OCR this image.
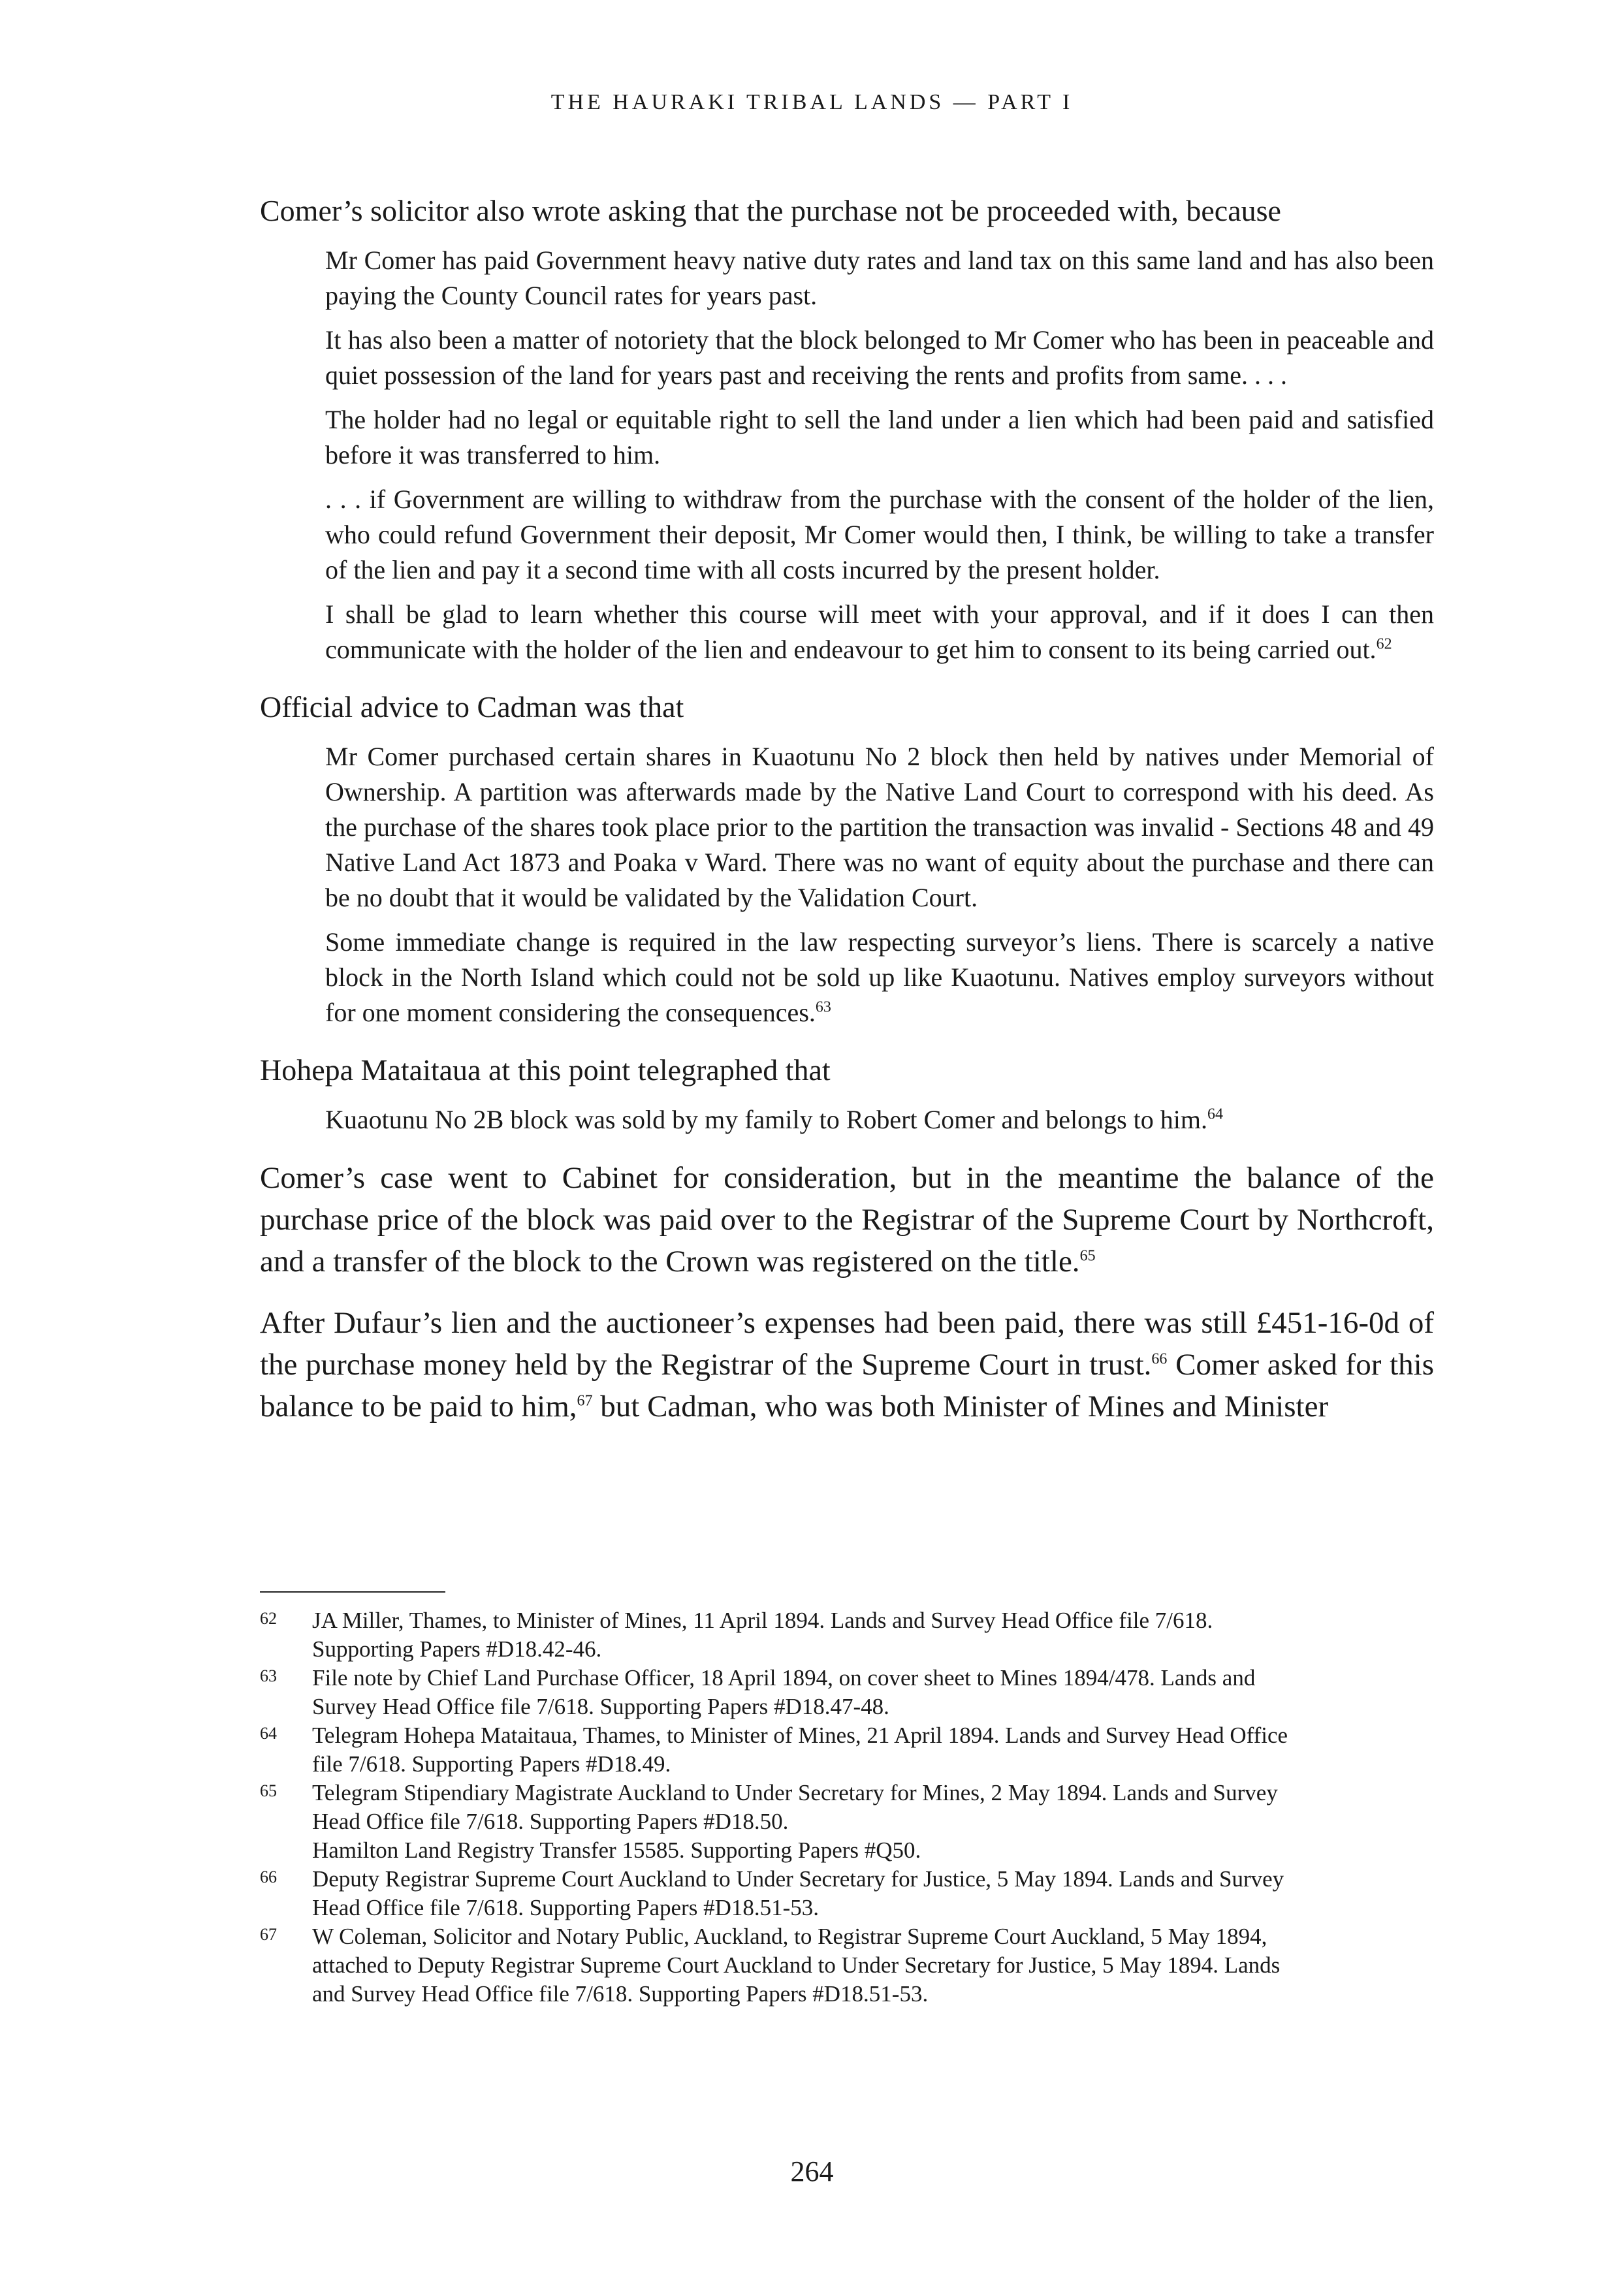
THE HAURAKI TRIBAL LANDS — PART I

Comer’s solicitor also wrote asking that the purchase not be proceeded with, because

Mr Comer has paid Government heavy native duty rates and land tax on this same land and has also been paying the County Council rates for years past.

It has also been a matter of notoriety that the block belonged to Mr Comer who has been in peaceable and quiet possession of the land for years past and receiving the rents and profits from same. . . .

The holder had no legal or equitable right to sell the land under a lien which had been paid and satisfied before it was transferred to him.

. . . if Government are willing to withdraw from the purchase with the consent of the holder of the lien, who could refund Government their deposit, Mr Comer would then, I think, be willing to take a transfer of the lien and pay it a second time with all costs incurred by the present holder.

I shall be glad to learn whether this course will meet with your approval, and if it does I can then communicate with the holder of the lien and endeavour to get him to consent to its being carried out.$^{62}$

Official advice to Cadman was that

Mr Comer purchased certain shares in Kuaotunu No 2 block then held by natives under Memorial of Ownership. A partition was afterwards made by the Native Land Court to correspond with his deed. As the purchase of the shares took place prior to the partition the transaction was invalid - Sections 48 and 49 Native Land Act 1873 and Poaka v Ward. There was no want of equity about the purchase and there can be no doubt that it would be validated by the Validation Court.

Some immediate change is required in the law respecting surveyor’s liens. There is scarcely a native block in the North Island which could not be sold up like Kuaotunu. Natives employ surveyors without for one moment considering the consequences.$^{63}$

Hohepa Mataitaua at this point telegraphed that

Kuaotunu No 2B block was sold by my family to Robert Comer and belongs to him.$^{64}$

Comer’s case went to Cabinet for consideration, but in the meantime the balance of the purchase price of the block was paid over to the Registrar of the Supreme Court by Northcroft, and a transfer of the block to the Crown was registered on the title.$^{65}$

After Dufaur’s lien and the auctioneer’s expenses had been paid, there was still £451-16-0d of the purchase money held by the Registrar of the Supreme Court in trust.$^{66}$ Comer asked for this balance to be paid to him,$^{67}$ but Cadman, who was both Minister of Mines and Minister

62	JA Miller, Thames, to Minister of Mines, 11 April 1894. Lands and Survey Head Office file 7/618.
Supporting Papers #D18.42-46.
63	File note by Chief Land Purchase Officer, 18 April 1894, on cover sheet to Mines 1894/478. Lands and
Survey Head Office file 7/618. Supporting Papers #D18.47-48.
64	Telegram Hohepa Mataitaua, Thames, to Minister of Mines, 21 April 1894. Lands and Survey Head Office
file 7/618. Supporting Papers #D18.49.
65	Telegram Stipendiary Magistrate Auckland to Under Secretary for Mines, 2 May 1894. Lands and Survey
Head Office file 7/618. Supporting Papers #D18.50.
Hamilton Land Registry Transfer 15585. Supporting Papers #Q50.
66	Deputy Registrar Supreme Court Auckland to Under Secretary for Justice, 5 May 1894. Lands and Survey
Head Office file 7/618. Supporting Papers #D18.51-53.
67	W Coleman, Solicitor and Notary Public, Auckland, to Registrar Supreme Court Auckland, 5 May 1894,
attached to Deputy Registrar Supreme Court Auckland to Under Secretary for Justice, 5 May 1894. Lands
and Survey Head Office file 7/618. Supporting Papers #D18.51-53.
264
